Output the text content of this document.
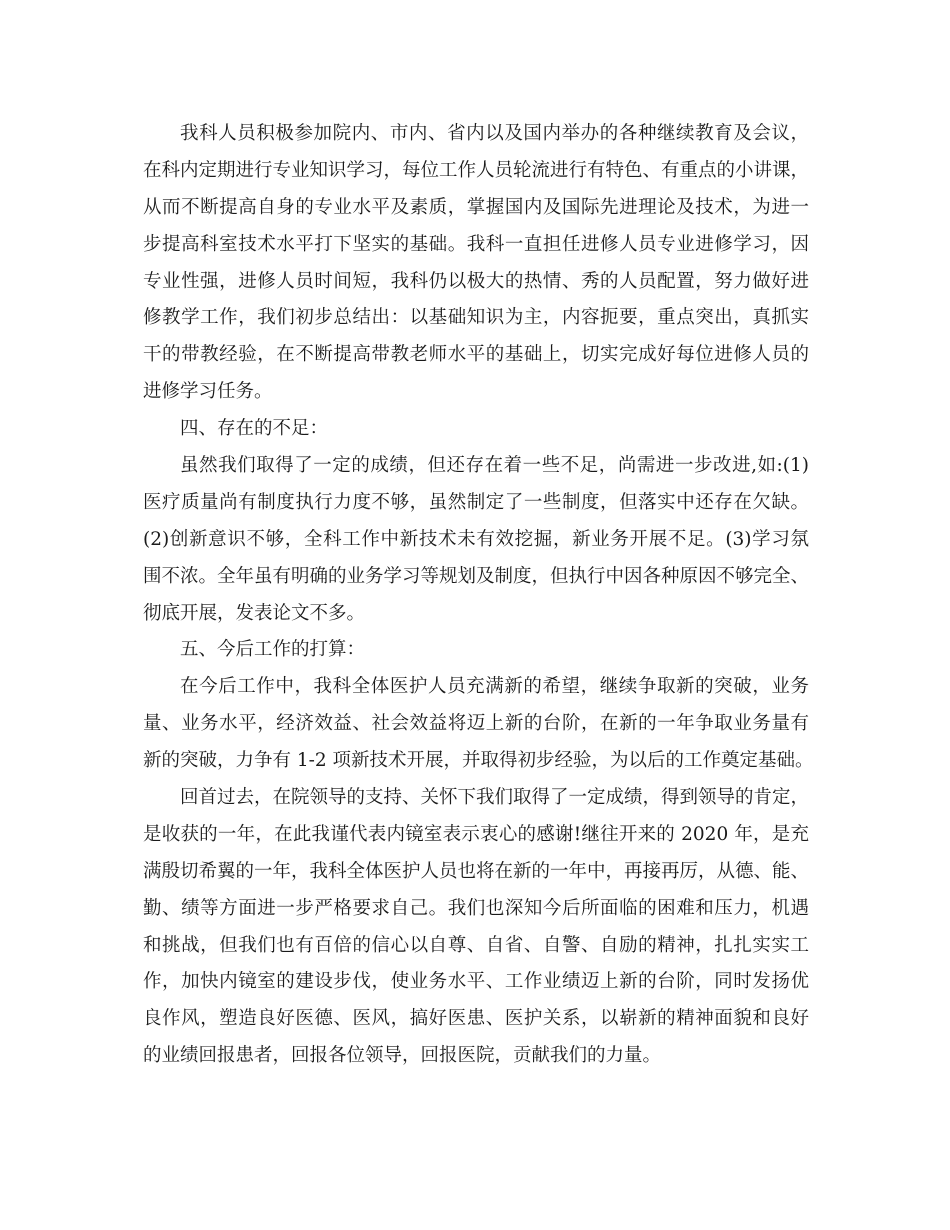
我科人员积极参加院内、市内、省内以及国内举办的各种继续教育及会议，
在科内定期进行专业知识学习，每位工作人员轮流进行有特色、有重点的小讲课，
从而不断提高自身的专业水平及素质，掌握国内及国际先进理论及技术，为进一
步提高科室技术水平打下坚实的基础。我科一直担任进修人员专业进修学习，因
专业性强，进修人员时间短，我科仍以极大的热情、秀的人员配置，努力做好进
修教学工作，我们初步总结出：以基础知识为主，内容扼要，重点突出，真抓实
干的带教经验，在不断提高带教老师水平的基础上，切实完成好每位进修人员的
进修学习任务。
四、存在的不足：
虽然我们取得了一定的成绩，但还存在着一些不足，尚需进一步改进,如:(1)
医疗质量尚有制度执行力度不够，虽然制定了一些制度，但落实中还存在欠缺。
(2)创新意识不够，全科工作中新技术未有效挖掘，新业务开展不足。(3)学习氛
围不浓。全年虽有明确的业务学习等规划及制度，但执行中因各种原因不够完全、
彻底开展，发表论文不多。
五、今后工作的打算：
在今后工作中，我科全体医护人员充满新的希望，继续争取新的突破，业务
量、业务水平，经济效益、社会效益将迈上新的台阶，在新的一年争取业务量有
新的突破，力争有 1-2 项新技术开展，并取得初步经验，为以后的工作奠定基础。
回首过去，在院领导的支持、关怀下我们取得了一定成绩，得到领导的肯定，
是收获的一年，在此我谨代表内镜室表示衷心的感谢!继往开来的 2020 年，是充
满殷切希翼的一年，我科全体医护人员也将在新的一年中，再接再厉，从德、能、
勤、绩等方面进一步严格要求自己。我们也深知今后所面临的困难和压力，机遇
和挑战，但我们也有百倍的信心以自尊、自省、自警、自励的精神，扎扎实实工
作，加快内镜室的建设步伐，使业务水平、工作业绩迈上新的台阶，同时发扬优
良作风，塑造良好医德、医风，搞好医患、医护关系，以崭新的精神面貌和良好
的业绩回报患者，回报各位领导，回报医院，贡献我们的力量。
